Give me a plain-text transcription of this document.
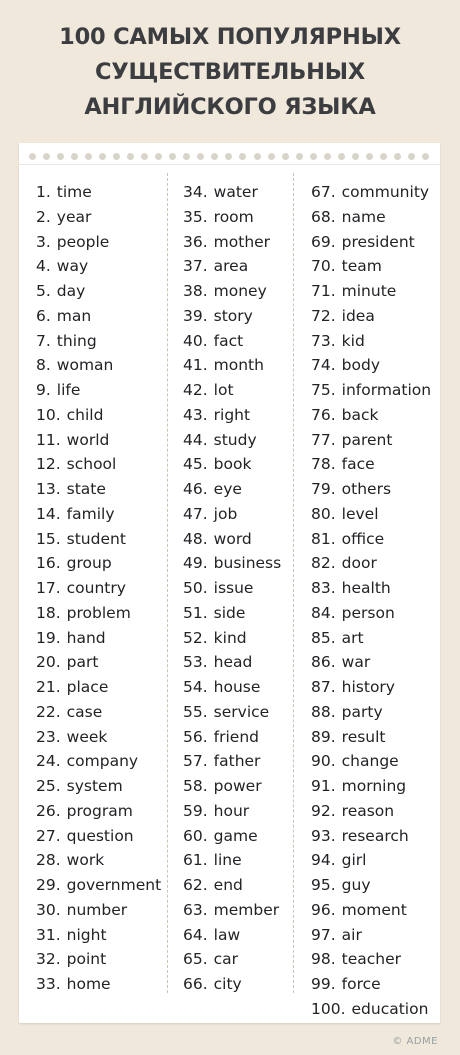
100 САМЫХ ПОПУЛЯРНЫХ
СУЩЕСТВИТЕЛЬНЫХ
АНГЛИЙСКОГО ЯЗЫКА
1. time
2. year
3. people
4. way
5. day
6. man
7. thing
8. woman
9. life
10. child
11. world
12. school
13. state
14. family
15. student
16. group
17. country
18. problem
19. hand
20. part
21. place
22. case
23. week
24. company
25. system
26. program
27. question
28. work
29. government
30. number
31. night
32. point
33. home
34. water
35. room
36. mother
37. area
38. money
39. story
40. fact
41. month
42. lot
43. right
44. study
45. book
46. eye
47. job
48. word
49. business
50. issue
51. side
52. kind
53. head
54. house
55. service
56. friend
57. father
58. power
59. hour
60. game
61. line
62. end
63. member
64. law
65. car
66. city
67. community
68. name
69. president
70. team
71. minute
72. idea
73. kid
74. body
75. information
76. back
77. parent
78. face
79. others
80. level
81. office
82. door
83. health
84. person
85. art
86. war
87. history
88. party
89. result
90. change
91. morning
92. reason
93. research
94. girl
95. guy
96. moment
97. air
98. teacher
99. force
100. education
© ADME
